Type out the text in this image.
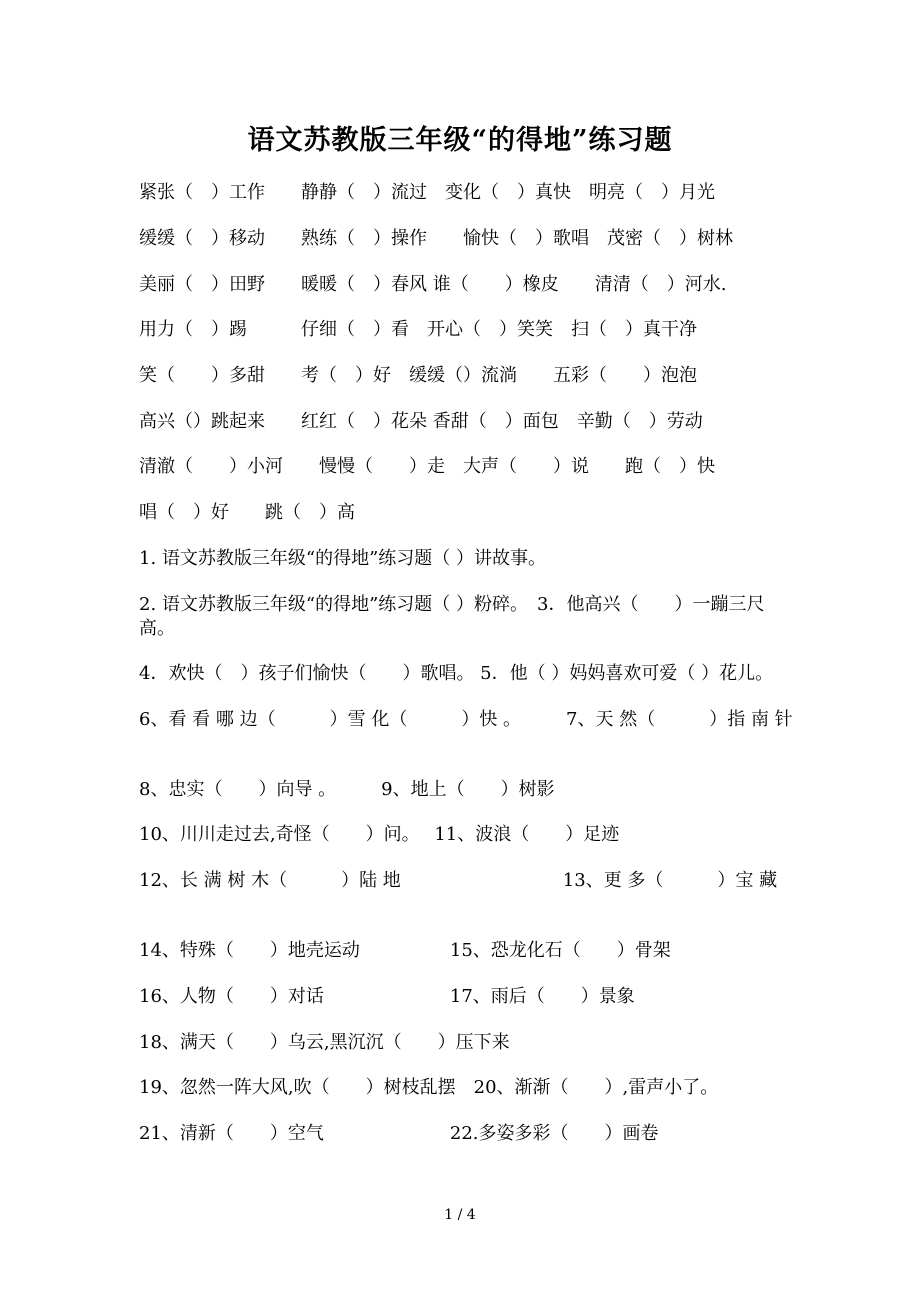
语文苏教版三年级“的得地”练习题
紧张（　）工作　　静静（　）流过　变化（　）真快　明亮（　）月光
缓缓（　）移动　　熟练（　）操作　　愉快（　）歌唱　茂密（　）树林
美丽（　）田野　　暖暖（　）春风 谁（　　）橡皮　　清清（　）河水.
用力（　）踢　　　仔细（　）看　开心（　）笑笑　扫（　）真干净
笑（　　）多甜　　考（　）好　缓缓（）流淌　　五彩（　　）泡泡
高兴（）跳起来　　红红（　）花朵 香甜（　）面包　辛勤（　）劳动
清澈（　　）小河　　慢慢（　　）走　大声（　　）说　　跑（　）快
唱（　）好　　跳（　）高
1. 语文苏教版三年级“的得地”练习题（ ）讲故事。
2. 语文苏教版三年级“的得地”练习题（ ）粉碎。　3．他高兴（　　）一蹦三尺高。
4．欢快（　）孩子们愉快（　　）歌唱。 5．他（ ）妈妈喜欢可爱（ ）花儿。
6、看 看 哪 边（　　　）雪 化（　　　）快 。　　　7、天 然（　　　）指 南 针
8、忠实（　　）向导 。　　　9、地上（　　）树影
10、川川走过去,奇怪（　　）问。　 11、波浪（　　）足迹
12、长 满 树 木（　　　）陆 地　　　　　　　　　13、更 多（　　　）宝 藏
14、特殊（　　）地壳运动　　　　　15、恐龙化石（　　）骨架
16、人物（　　）对话　　　　　　　17、雨后（　　）景象
18、满天（　　）乌云,黑沉沉（　　）压下来
19、忽然一阵大风,吹（　　）树枝乱摆　20、渐渐（　　）,雷声小了。
21、清新（　　）空气　　　　　　　22.多姿多彩（　　）画卷
1 / 4
